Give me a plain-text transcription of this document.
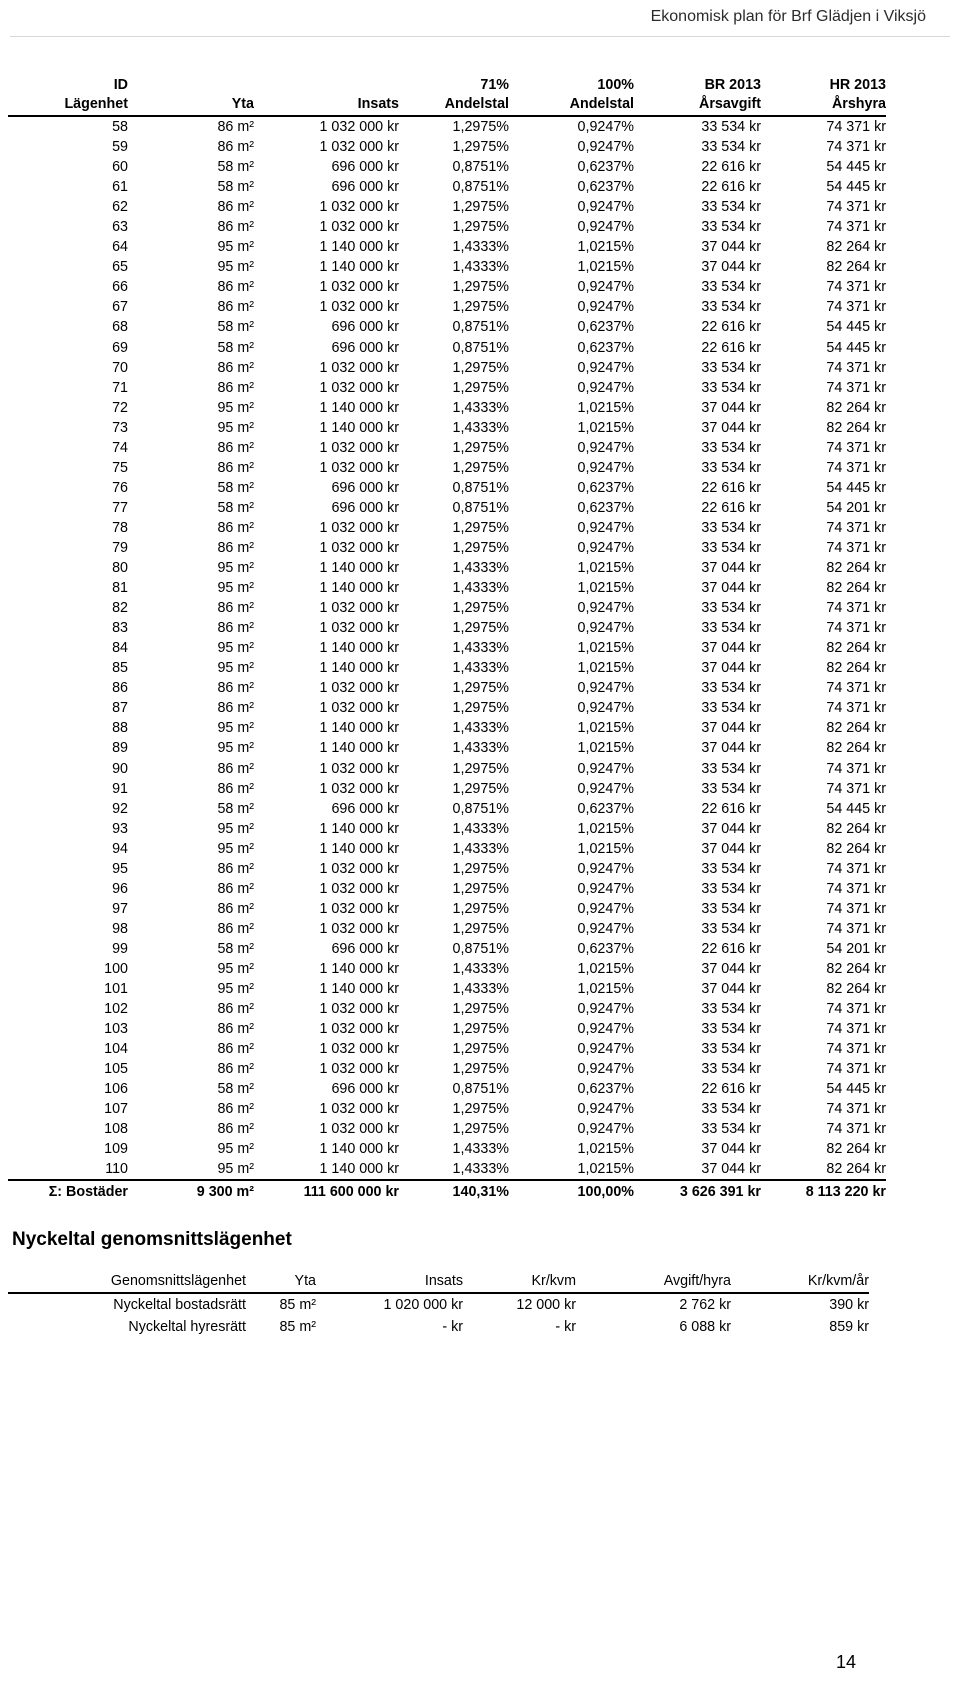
Ekonomisk plan för Brf Glädjen i Viksjö
ID			71%	100%	BR 2013	HR 2013
Lägenhet	Yta	Insats	Andelstal	Andelstal	Årsavgift	Årshyra
58	86 m²	1 032 000 kr	1,2975%	0,9247%	33 534 kr	74 371 kr
59	86 m²	1 032 000 kr	1,2975%	0,9247%	33 534 kr	74 371 kr
60	58 m²	696 000 kr	0,8751%	0,6237%	22 616 kr	54 445 kr
61	58 m²	696 000 kr	0,8751%	0,6237%	22 616 kr	54 445 kr
62	86 m²	1 032 000 kr	1,2975%	0,9247%	33 534 kr	74 371 kr
63	86 m²	1 032 000 kr	1,2975%	0,9247%	33 534 kr	74 371 kr
64	95 m²	1 140 000 kr	1,4333%	1,0215%	37 044 kr	82 264 kr
65	95 m²	1 140 000 kr	1,4333%	1,0215%	37 044 kr	82 264 kr
66	86 m²	1 032 000 kr	1,2975%	0,9247%	33 534 kr	74 371 kr
67	86 m²	1 032 000 kr	1,2975%	0,9247%	33 534 kr	74 371 kr
68	58 m²	696 000 kr	0,8751%	0,6237%	22 616 kr	54 445 kr
69	58 m²	696 000 kr	0,8751%	0,6237%	22 616 kr	54 445 kr
70	86 m²	1 032 000 kr	1,2975%	0,9247%	33 534 kr	74 371 kr
71	86 m²	1 032 000 kr	1,2975%	0,9247%	33 534 kr	74 371 kr
72	95 m²	1 140 000 kr	1,4333%	1,0215%	37 044 kr	82 264 kr
73	95 m²	1 140 000 kr	1,4333%	1,0215%	37 044 kr	82 264 kr
74	86 m²	1 032 000 kr	1,2975%	0,9247%	33 534 kr	74 371 kr
75	86 m²	1 032 000 kr	1,2975%	0,9247%	33 534 kr	74 371 kr
76	58 m²	696 000 kr	0,8751%	0,6237%	22 616 kr	54 445 kr
77	58 m²	696 000 kr	0,8751%	0,6237%	22 616 kr	54 201 kr
78	86 m²	1 032 000 kr	1,2975%	0,9247%	33 534 kr	74 371 kr
79	86 m²	1 032 000 kr	1,2975%	0,9247%	33 534 kr	74 371 kr
80	95 m²	1 140 000 kr	1,4333%	1,0215%	37 044 kr	82 264 kr
81	95 m²	1 140 000 kr	1,4333%	1,0215%	37 044 kr	82 264 kr
82	86 m²	1 032 000 kr	1,2975%	0,9247%	33 534 kr	74 371 kr
83	86 m²	1 032 000 kr	1,2975%	0,9247%	33 534 kr	74 371 kr
84	95 m²	1 140 000 kr	1,4333%	1,0215%	37 044 kr	82 264 kr
85	95 m²	1 140 000 kr	1,4333%	1,0215%	37 044 kr	82 264 kr
86	86 m²	1 032 000 kr	1,2975%	0,9247%	33 534 kr	74 371 kr
87	86 m²	1 032 000 kr	1,2975%	0,9247%	33 534 kr	74 371 kr
88	95 m²	1 140 000 kr	1,4333%	1,0215%	37 044 kr	82 264 kr
89	95 m²	1 140 000 kr	1,4333%	1,0215%	37 044 kr	82 264 kr
90	86 m²	1 032 000 kr	1,2975%	0,9247%	33 534 kr	74 371 kr
91	86 m²	1 032 000 kr	1,2975%	0,9247%	33 534 kr	74 371 kr
92	58 m²	696 000 kr	0,8751%	0,6237%	22 616 kr	54 445 kr
93	95 m²	1 140 000 kr	1,4333%	1,0215%	37 044 kr	82 264 kr
94	95 m²	1 140 000 kr	1,4333%	1,0215%	37 044 kr	82 264 kr
95	86 m²	1 032 000 kr	1,2975%	0,9247%	33 534 kr	74 371 kr
96	86 m²	1 032 000 kr	1,2975%	0,9247%	33 534 kr	74 371 kr
97	86 m²	1 032 000 kr	1,2975%	0,9247%	33 534 kr	74 371 kr
98	86 m²	1 032 000 kr	1,2975%	0,9247%	33 534 kr	74 371 kr
99	58 m²	696 000 kr	0,8751%	0,6237%	22 616 kr	54 201 kr
100	95 m²	1 140 000 kr	1,4333%	1,0215%	37 044 kr	82 264 kr
101	95 m²	1 140 000 kr	1,4333%	1,0215%	37 044 kr	82 264 kr
102	86 m²	1 032 000 kr	1,2975%	0,9247%	33 534 kr	74 371 kr
103	86 m²	1 032 000 kr	1,2975%	0,9247%	33 534 kr	74 371 kr
104	86 m²	1 032 000 kr	1,2975%	0,9247%	33 534 kr	74 371 kr
105	86 m²	1 032 000 kr	1,2975%	0,9247%	33 534 kr	74 371 kr
106	58 m²	696 000 kr	0,8751%	0,6237%	22 616 kr	54 445 kr
107	86 m²	1 032 000 kr	1,2975%	0,9247%	33 534 kr	74 371 kr
108	86 m²	1 032 000 kr	1,2975%	0,9247%	33 534 kr	74 371 kr
109	95 m²	1 140 000 kr	1,4333%	1,0215%	37 044 kr	82 264 kr
110	95 m²	1 140 000 kr	1,4333%	1,0215%	37 044 kr	82 264 kr
Σ: Bostäder	9 300 m²	111 600 000 kr	140,31%	100,00%	3 626 391 kr	8 113 220 kr
Nyckeltal genomsnittslägenhet
Genomsnittslägenhet	Yta	Insats	Kr/kvm	Avgift/hyra	Kr/kvm/år
Nyckeltal bostadsrätt	85 m²	1 020 000 kr	12 000 kr	2 762 kr	390 kr
Nyckeltal hyresrätt	85 m²	- kr	- kr	6 088 kr	859 kr
14
